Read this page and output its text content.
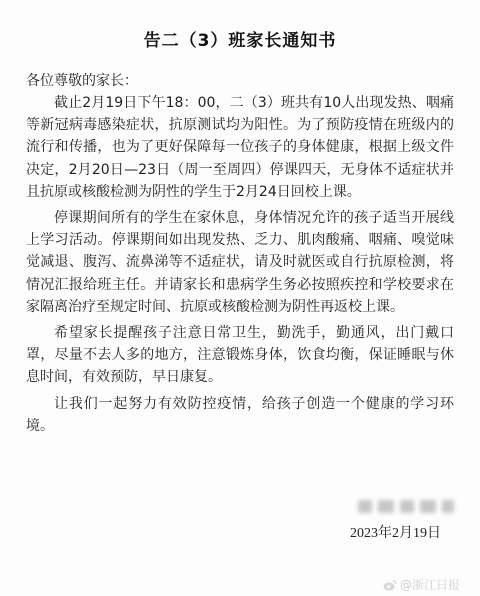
告二（3）班家长通知书
各位尊敬的家长：

截止2月19日下午18：00，二（3）班共有10人出现发热、咽痛等新冠病毒感染症状，抗原测试均为阳性。为了预防疫情在班级内的流行和传播，也为了更好保障每一位孩子的身体健康，根据上级文件决定，2月20日—23日（周一至周四）停课四天，无身体不适症状并且抗原或核酸检测为阴性的学生于2月24日回校上课。

停课期间所有的学生在家休息，身体情况允许的孩子适当开展线上学习活动。停课期间如出现发热、乏力、肌肉酸痛、咽痛、嗅觉味觉减退、腹泻、流鼻涕等不适症状，请及时就医或自行抗原检测，将情况汇报给班主任。并请家长和患病学生务必按照疾控和学校要求在家隔离治疗至规定时间、抗原或核酸检测为阴性再返校上课。

希望家长提醒孩子注意日常卫生，勤洗手，勤通风，出门戴口罩，尽量不去人多的地方，注意锻炼身体，饮食均衡，保证睡眠与休息时间，有效预防，早日康复。

让我们一起努力有效防控疫情，给孩子创造一个健康的学习环境。

2023年2月19日
@浙江日报
